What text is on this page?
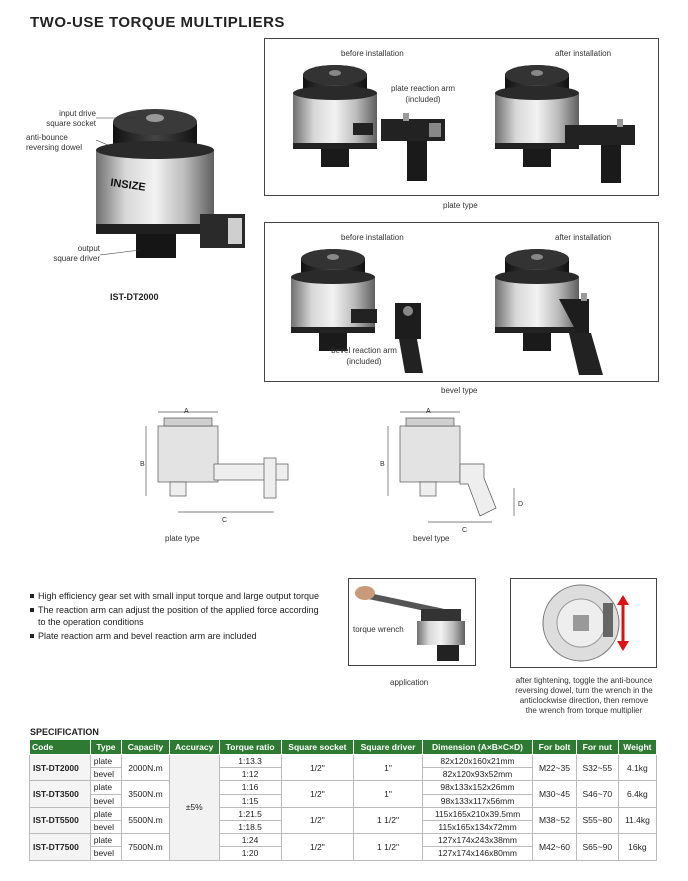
TWO-USE TORQUE MULTIPLIERS
INSIZE
input drive
square socket
anti-bounce
reversing dowel
output
square driver
IST-DT2000
before installation	after installation
plate reaction arm
(included)
plate type
before installation	after installation
bevel reaction arm
(included)
bevel type
A
B
C
plate type
A
B
C
D
bevel type
High efficiency gear set with small input torque and large output torque
The reaction arm can adjust the position of the applied force according to the operation conditions
Plate reaction arm and bevel reaction arm are included
torque wrench
application	after tightening, toggle the anti-bounce
reversing dowel, turn the wrench in the
anticlockwise direction, then remove
the wrench from torque multiplier
SPECIFICATION
Code	Type	Capacity	Accuracy	Torque ratio	Square socket	Square driver	Dimension (A×B×C×D)	For bolt	For nut	Weight
IST-DT2000	plate	2000N.m	±5%	1:13.3	1/2"	1"	82x120x160x21mm	M22~35	S32~55	4.1kg
	bevel			1:12			82x120x93x52mm			
IST-DT3500	plate	3500N.m		1:16	1/2"	1"	98x133x152x26mm	M30~45	S46~70	6.4kg
	bevel			1:15			98x133x117x56mm			
IST-DT5500	plate	5500N.m		1:21.5	1/2"	1 1/2"	115x165x210x39.5mm	M38~52	S55~80	11.4kg
	bevel			1:18.5			115x165x134x72mm			
IST-DT7500	plate	7500N.m		1:24	1/2"	1 1/2"	127x174x243x38mm	M42~60	S65~90	16kg
	bevel			1:20			127x174x146x80mm			
